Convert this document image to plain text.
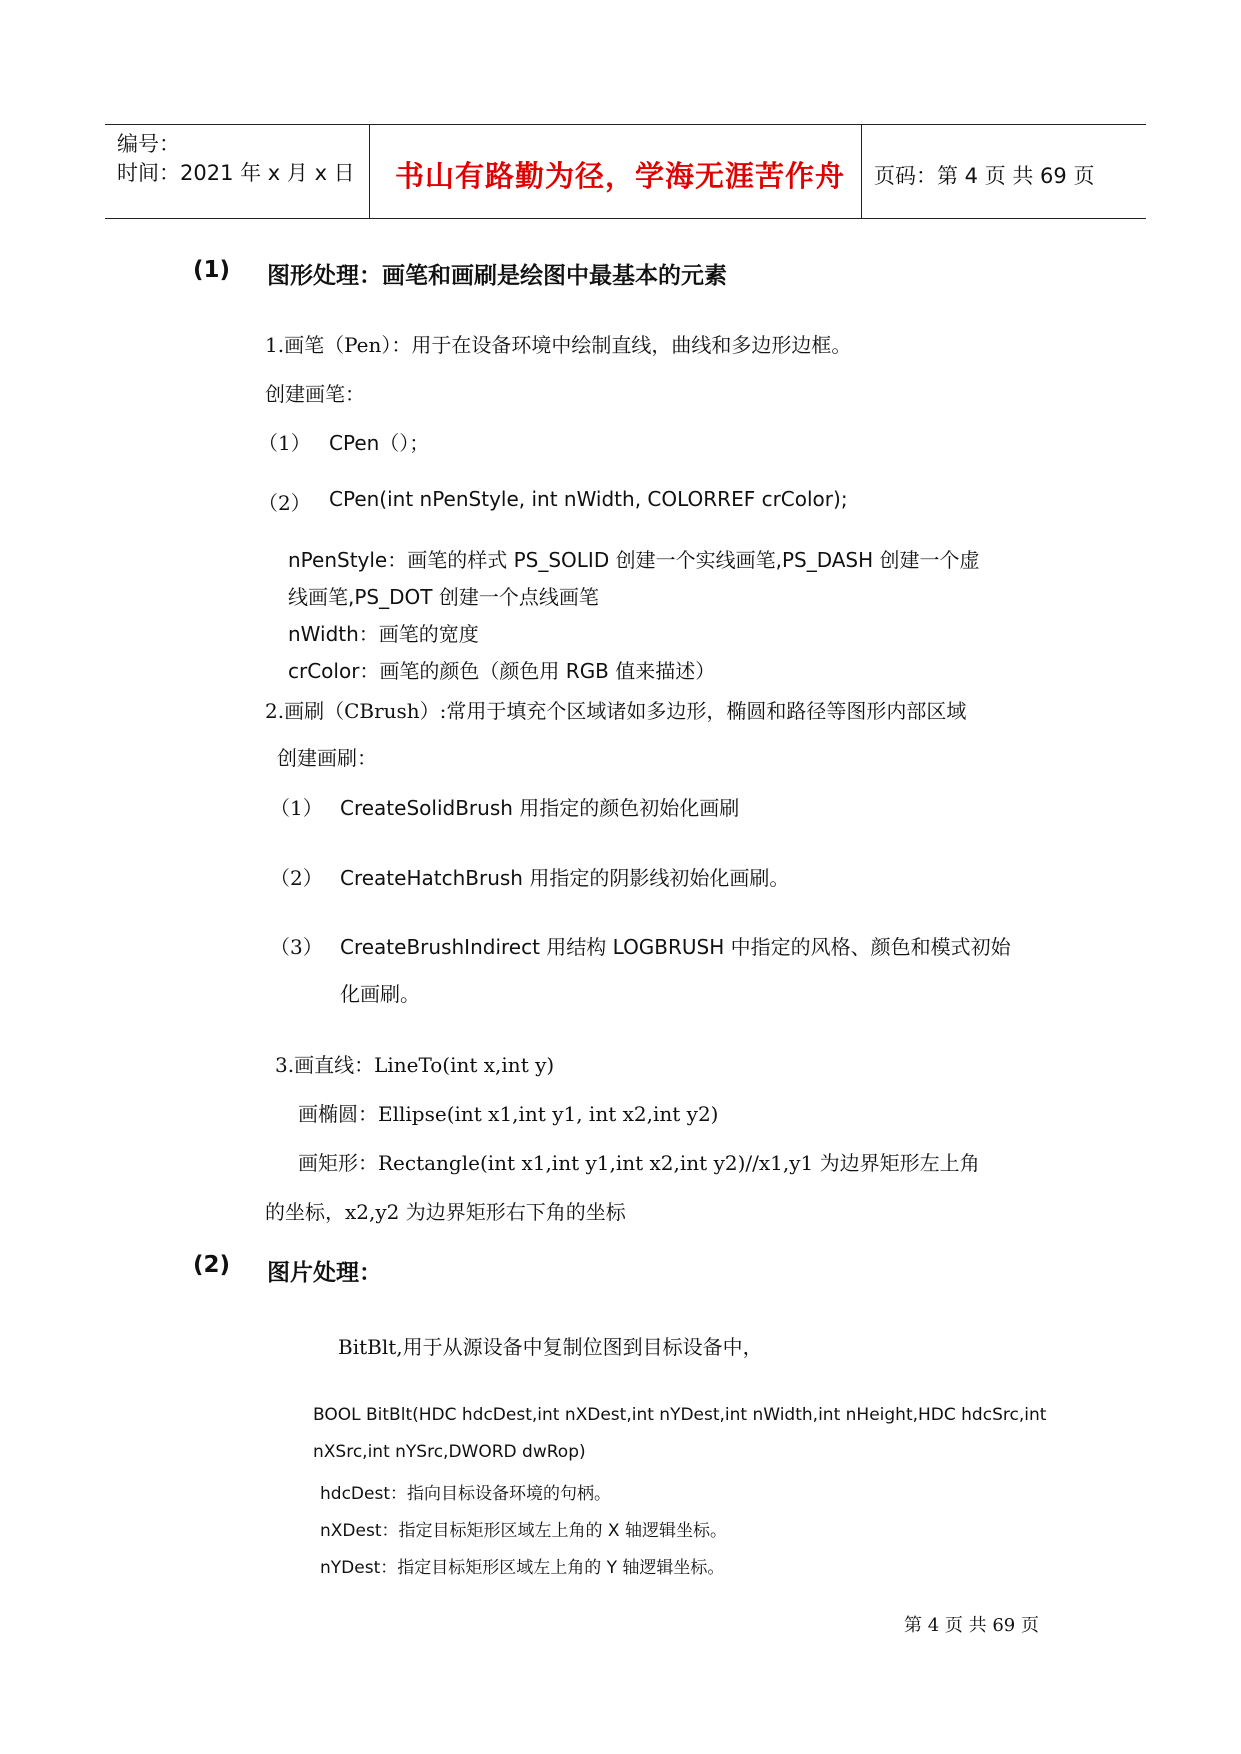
编号：
时间：2021 年 x 月 x 日 书山有路勤为径，学海无涯苦作舟 页码：第 4 页 共 69 页
(1) 图形处理：画笔和画刷是绘图中最基本的元素
1.画笔（Pen）：用于在设备环境中绘制直线，曲线和多边形边框。
创建画笔：
（1） CPen（）；
（2） CPen(int nPenStyle, int nWidth, COLORREF crColor);
nPenStyle：画笔的样式 PS_SOLID 创建一个实线画笔,PS_DASH 创建一个虚
线画笔,PS_DOT 创建一个点线画笔
nWidth：画笔的宽度
crColor：画笔的颜色（颜色用 RGB 值来描述）
2.画刷（CBrush）:常用于填充个区域诸如多边形，椭圆和路径等图形内部区域
创建画刷：
（1） CreateSolidBrush 用指定的颜色初始化画刷
（2） CreateHatchBrush 用指定的阴影线初始化画刷。
（3） CreateBrushIndirect 用结构 LOGBRUSH 中指定的风格、颜色和模式初始
化画刷。
3.画直线：LineTo(int x,int y)
画椭圆：Ellipse(int x1,int y1, int x2,int y2)
画矩形：Rectangle(int x1,int y1,int x2,int y2)//x1,y1 为边界矩形左上角
的坐标，x2,y2 为边界矩形右下角的坐标
(2) 图片处理：
BitBlt,用于从源设备中复制位图到目标设备中，
BOOL BitBlt(HDC hdcDest,int nXDest,int nYDest,int nWidth,int nHeight,HDC hdcSrc,int
nXSrc,int nYSrc,DWORD dwRop)
hdcDest：指向目标设备环境的句柄。
nXDest：指定目标矩形区域左上角的 X 轴逻辑坐标。
nYDest：指定目标矩形区域左上角的 Y 轴逻辑坐标。
第 4 页 共 69 页
